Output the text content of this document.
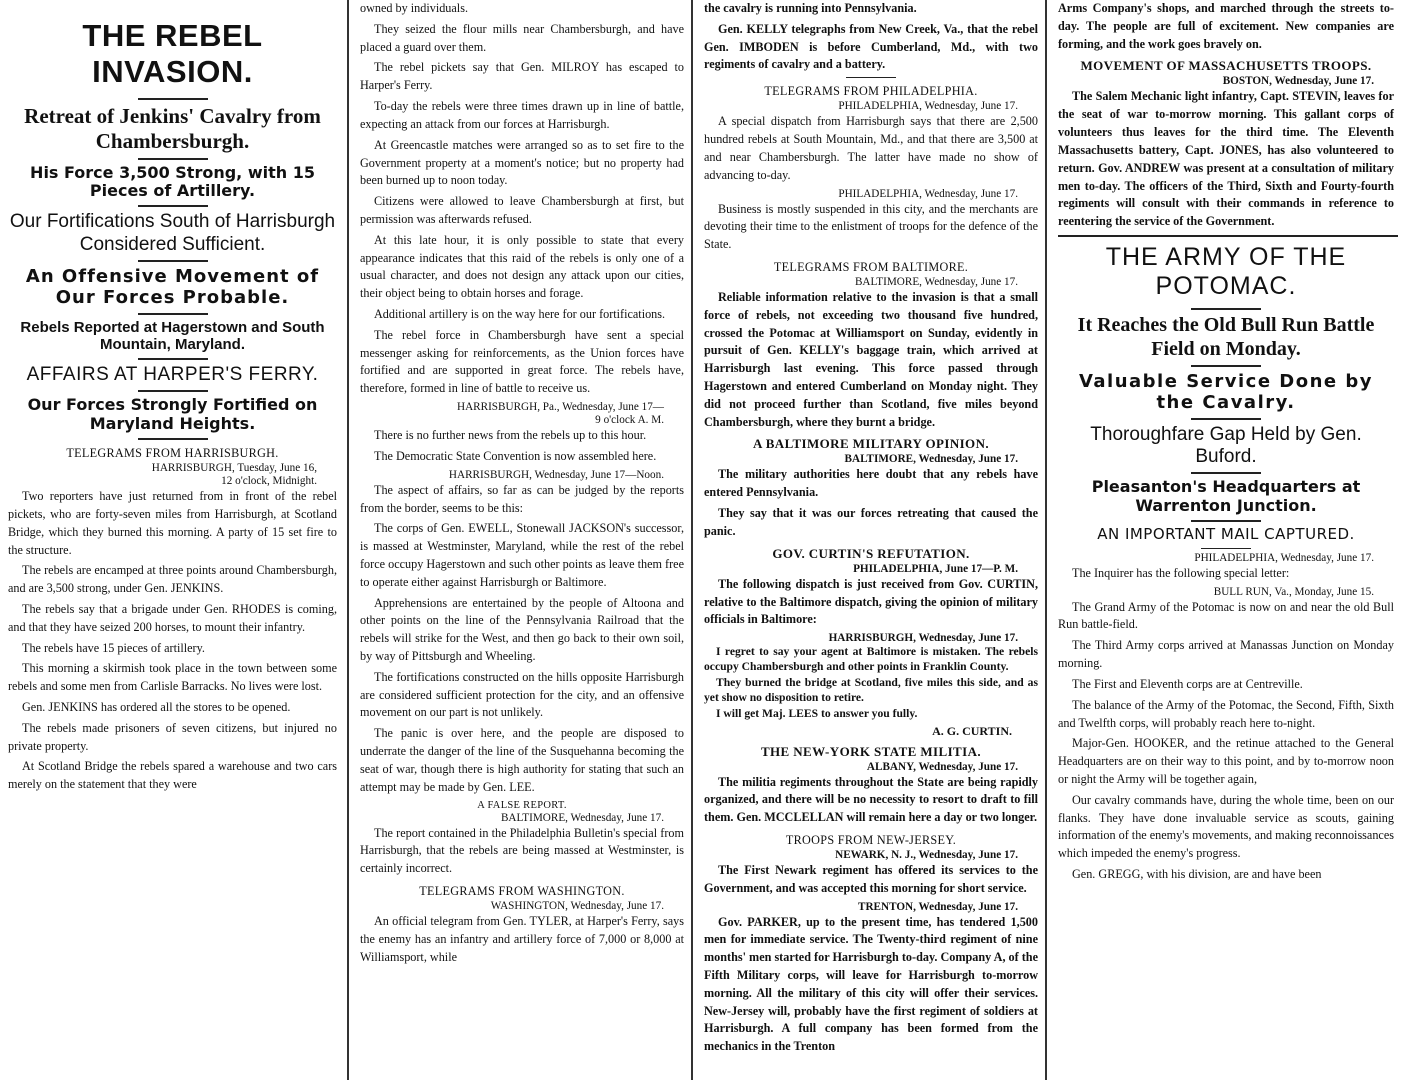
THE REBEL INVASION.
Retreat of Jenkins' Cavalry from Chambersburgh.
His Force 3,500 Strong, with 15 Pieces of Artillery.
Our Fortifications South of Harrisburgh Considered Sufficient.
An Offensive Movement of Our Forces Probable.
Rebels Reported at Hagerstown and South Mountain, Maryland.
AFFAIRS AT HARPER'S FERRY.
Our Forces Strongly Fortified on Maryland Heights.
TELEGRAMS FROM HARRISBURGH.
HARRISBURGH, Tuesday, June 16,
12 o'clock, Midnight.

Two reporters have just returned from in front of the rebel pickets, who are forty-seven miles from Harrisburgh, at Scotland Bridge, which they burned this morning. A party of 15 set fire to the structure.

The rebels are encamped at three points around Chambersburgh, and are 3,500 strong, under Gen. JENKINS.

The rebels say that a brigade under Gen. RHODES is coming, and that they have seized 200 horses, to mount their infantry.

The rebels have 15 pieces of artillery.

This morning a skirmish took place in the town between some rebels and some men from Carlisle Barracks. No lives were lost.

Gen. JENKINS has ordered all the stores to be opened.

The rebels made prisoners of seven citizens, but injured no private property.

At Scotland Bridge the rebels spared a warehouse and two cars merely on the statement that they were

owned by individuals.

They seized the flour mills near Chambersburgh, and have placed a guard over them.

The rebel pickets say that Gen. MILROY has escaped to Harper's Ferry.

To-day the rebels were three times drawn up in line of battle, expecting an attack from our forces at Harrisburgh.

At Greencastle matches were arranged so as to set fire to the Government property at a moment's notice; but no property had been burned up to noon today.

Citizens were allowed to leave Chambersburgh at first, but permission was afterwards refused.

At this late hour, it is only possible to state that every appearance indicates that this raid of the rebels is only one of a usual character, and does not design any attack upon our cities, their object being to obtain horses and forage.

Additional artillery is on the way here for our fortifications.

The rebel force in Chambersburgh have sent a special messenger asking for reinforcements, as the Union forces have fortified and are supported in great force. The rebels have, therefore, formed in line of battle to receive us.

HARRISBURGH, Pa., Wednesday, June 17—
9 o'clock A. M.

There is no further news from the rebels up to this hour.

The Democratic State Convention is now assembled here.

HARRISBURGH, Wednesday, June 17—Noon.

The aspect of affairs, so far as can be judged by the reports from the border, seems to be this:

The corps of Gen. EWELL, Stonewall JACKSON's successor, is massed at Westminster, Maryland, while the rest of the rebel force occupy Hagerstown and such other points as leave them free to operate either against Harrisburgh or Baltimore.

Apprehensions are entertained by the people of Altoona and other points on the line of the Pennsylvania Railroad that the rebels will strike for the West, and then go back to their own soil, by way of Pittsburgh and Wheeling.

The fortifications constructed on the hills opposite Harrisburgh are considered sufficient protection for the city, and an offensive movement on our part is not unlikely.

The panic is over here, and the people are disposed to underrate the danger of the line of the Susquehanna becoming the seat of war, though there is high authority for stating that such an attempt may be made by Gen. LEE.

A FALSE REPORT.
BALTIMORE, Wednesday, June 17.

The report contained in the Philadelphia Bulletin's special from Harrisburgh, that the rebels are being massed at Westminster, is certainly incorrect.

TELEGRAMS FROM WASHINGTON.
WASHINGTON, Wednesday, June 17.

An official telegram from Gen. TYLER, at Harper's Ferry, says the enemy has an infantry and artillery force of 7,000 or 8,000 at Williamsport, while

the cavalry is running into Pennsylvania.

Gen. KELLY telegraphs from New Creek, Va., that the rebel Gen. IMBODEN is before Cumberland, Md., with two regiments of cavalry and a battery.

TELEGRAMS FROM PHILADELPHIA.
PHILADELPHIA, Wednesday, June 17.

A special dispatch from Harrisburgh says that there are 2,500 hundred rebels at South Mountain, Md., and that there are 3,500 at and near Chambersburgh. The latter have made no show of advancing to-day.

PHILADELPHIA, Wednesday, June 17.

Business is mostly suspended in this city, and the merchants are devoting their time to the enlistment of troops for the defence of the State.

TELEGRAMS FROM BALTIMORE.
BALTIMORE, Wednesday, June 17.

Reliable information relative to the invasion is that a small force of rebels, not exceeding two thousand five hundred, crossed the Potomac at Williamsport on Sunday, evidently in pursuit of Gen. KELLY's baggage train, which arrived at Harrisburgh last evening. This force passed through Hagerstown and entered Cumberland on Monday night. They did not proceed further than Scotland, five miles beyond Chambersburgh, where they burnt a bridge.

A BALTIMORE MILITARY OPINION.
BALTIMORE, Wednesday, June 17.

The military authorities here doubt that any rebels have entered Pennsylvania.

They say that it was our forces retreating that caused the panic.

GOV. CURTIN'S REFUTATION.
PHILADELPHIA, June 17—P. M.

The following dispatch is just received from Gov. CURTIN, relative to the Baltimore dispatch, giving the opinion of military officials in Baltimore:

HARRISBURGH, Wednesday, June 17.
I regret to say your agent at Baltimore is mistaken. The rebels occupy Chambersburgh and other points in Franklin County.
They burned the bridge at Scotland, five miles this side, and as yet show no disposition to retire.
I will get Maj. LEES to answer you fully.
A. G. CURTIN.
THE NEW-YORK STATE MILITIA.
ALBANY, Wednesday, June 17.

The militia regiments throughout the State are being rapidly organized, and there will be no necessity to resort to draft to fill them. Gen. MCCLELLAN will remain here a day or two longer.

TROOPS FROM NEW-JERSEY.
NEWARK, N. J., Wednesday, June 17.

The First Newark regiment has offered its services to the Government, and was accepted this morning for short service.

TRENTON, Wednesday, June 17.

Gov. PARKER, up to the present time, has tendered 1,500 men for immediate service. The Twenty-third regiment of nine months' men started for Harrisburgh to-day. Company A, of the Fifth Military corps, will leave for Harrisburgh to-morrow morning. All the military of this city will offer their services. New-Jersey will, probably have the first regiment of soldiers at Harrisburgh. A full company has been formed from the mechanics in the Trenton

Arms Company's shops, and marched through the streets to-day. The people are full of excitement. New companies are forming, and the work goes bravely on.

MOVEMENT OF MASSACHUSETTS TROOPS.
BOSTON, Wednesday, June 17.

The Salem Mechanic light infantry, Capt. STEVIN, leaves for the seat of war to-morrow morning. This gallant corps of volunteers thus leaves for the third time. The Eleventh Massachusetts battery, Capt. JONES, has also volunteered to return. Gov. ANDREW was present at a consultation of military men to-day. The officers of the Third, Sixth and Fourty-fourth regiments will consult with their commands in reference to reentering the service of the Government.

THE ARMY OF THE POTOMAC.
It Reaches the Old Bull Run Battle Field on Monday.
Valuable Service Done by the Cavalry.
Thoroughfare Gap Held by Gen. Buford.
Pleasanton's Headquarters at Warrenton Junction.
AN IMPORTANT MAIL CAPTURED.
PHILADELPHIA, Wednesday, June 17.

The Inquirer has the following special letter:

BULL RUN, Va., Monday, June 15.

The Grand Army of the Potomac is now on and near the old Bull Run battle-field.

The Third Army corps arrived at Manassas Junction on Monday morning.

The First and Eleventh corps are at Centreville.

The balance of the Army of the Potomac, the Second, Fifth, Sixth and Twelfth corps, will probably reach here to-night.

Major-Gen. HOOKER, and the retinue attached to the General Headquarters are on their way to this point, and by to-morrow noon or night the Army will be together again,

Our cavalry commands have, during the whole time, been on our flanks. They have done invaluable service as scouts, gaining information of the enemy's movements, and making reconnoissances which impeded the enemy's progress.

Gen. GREGG, with his division, are and have been
